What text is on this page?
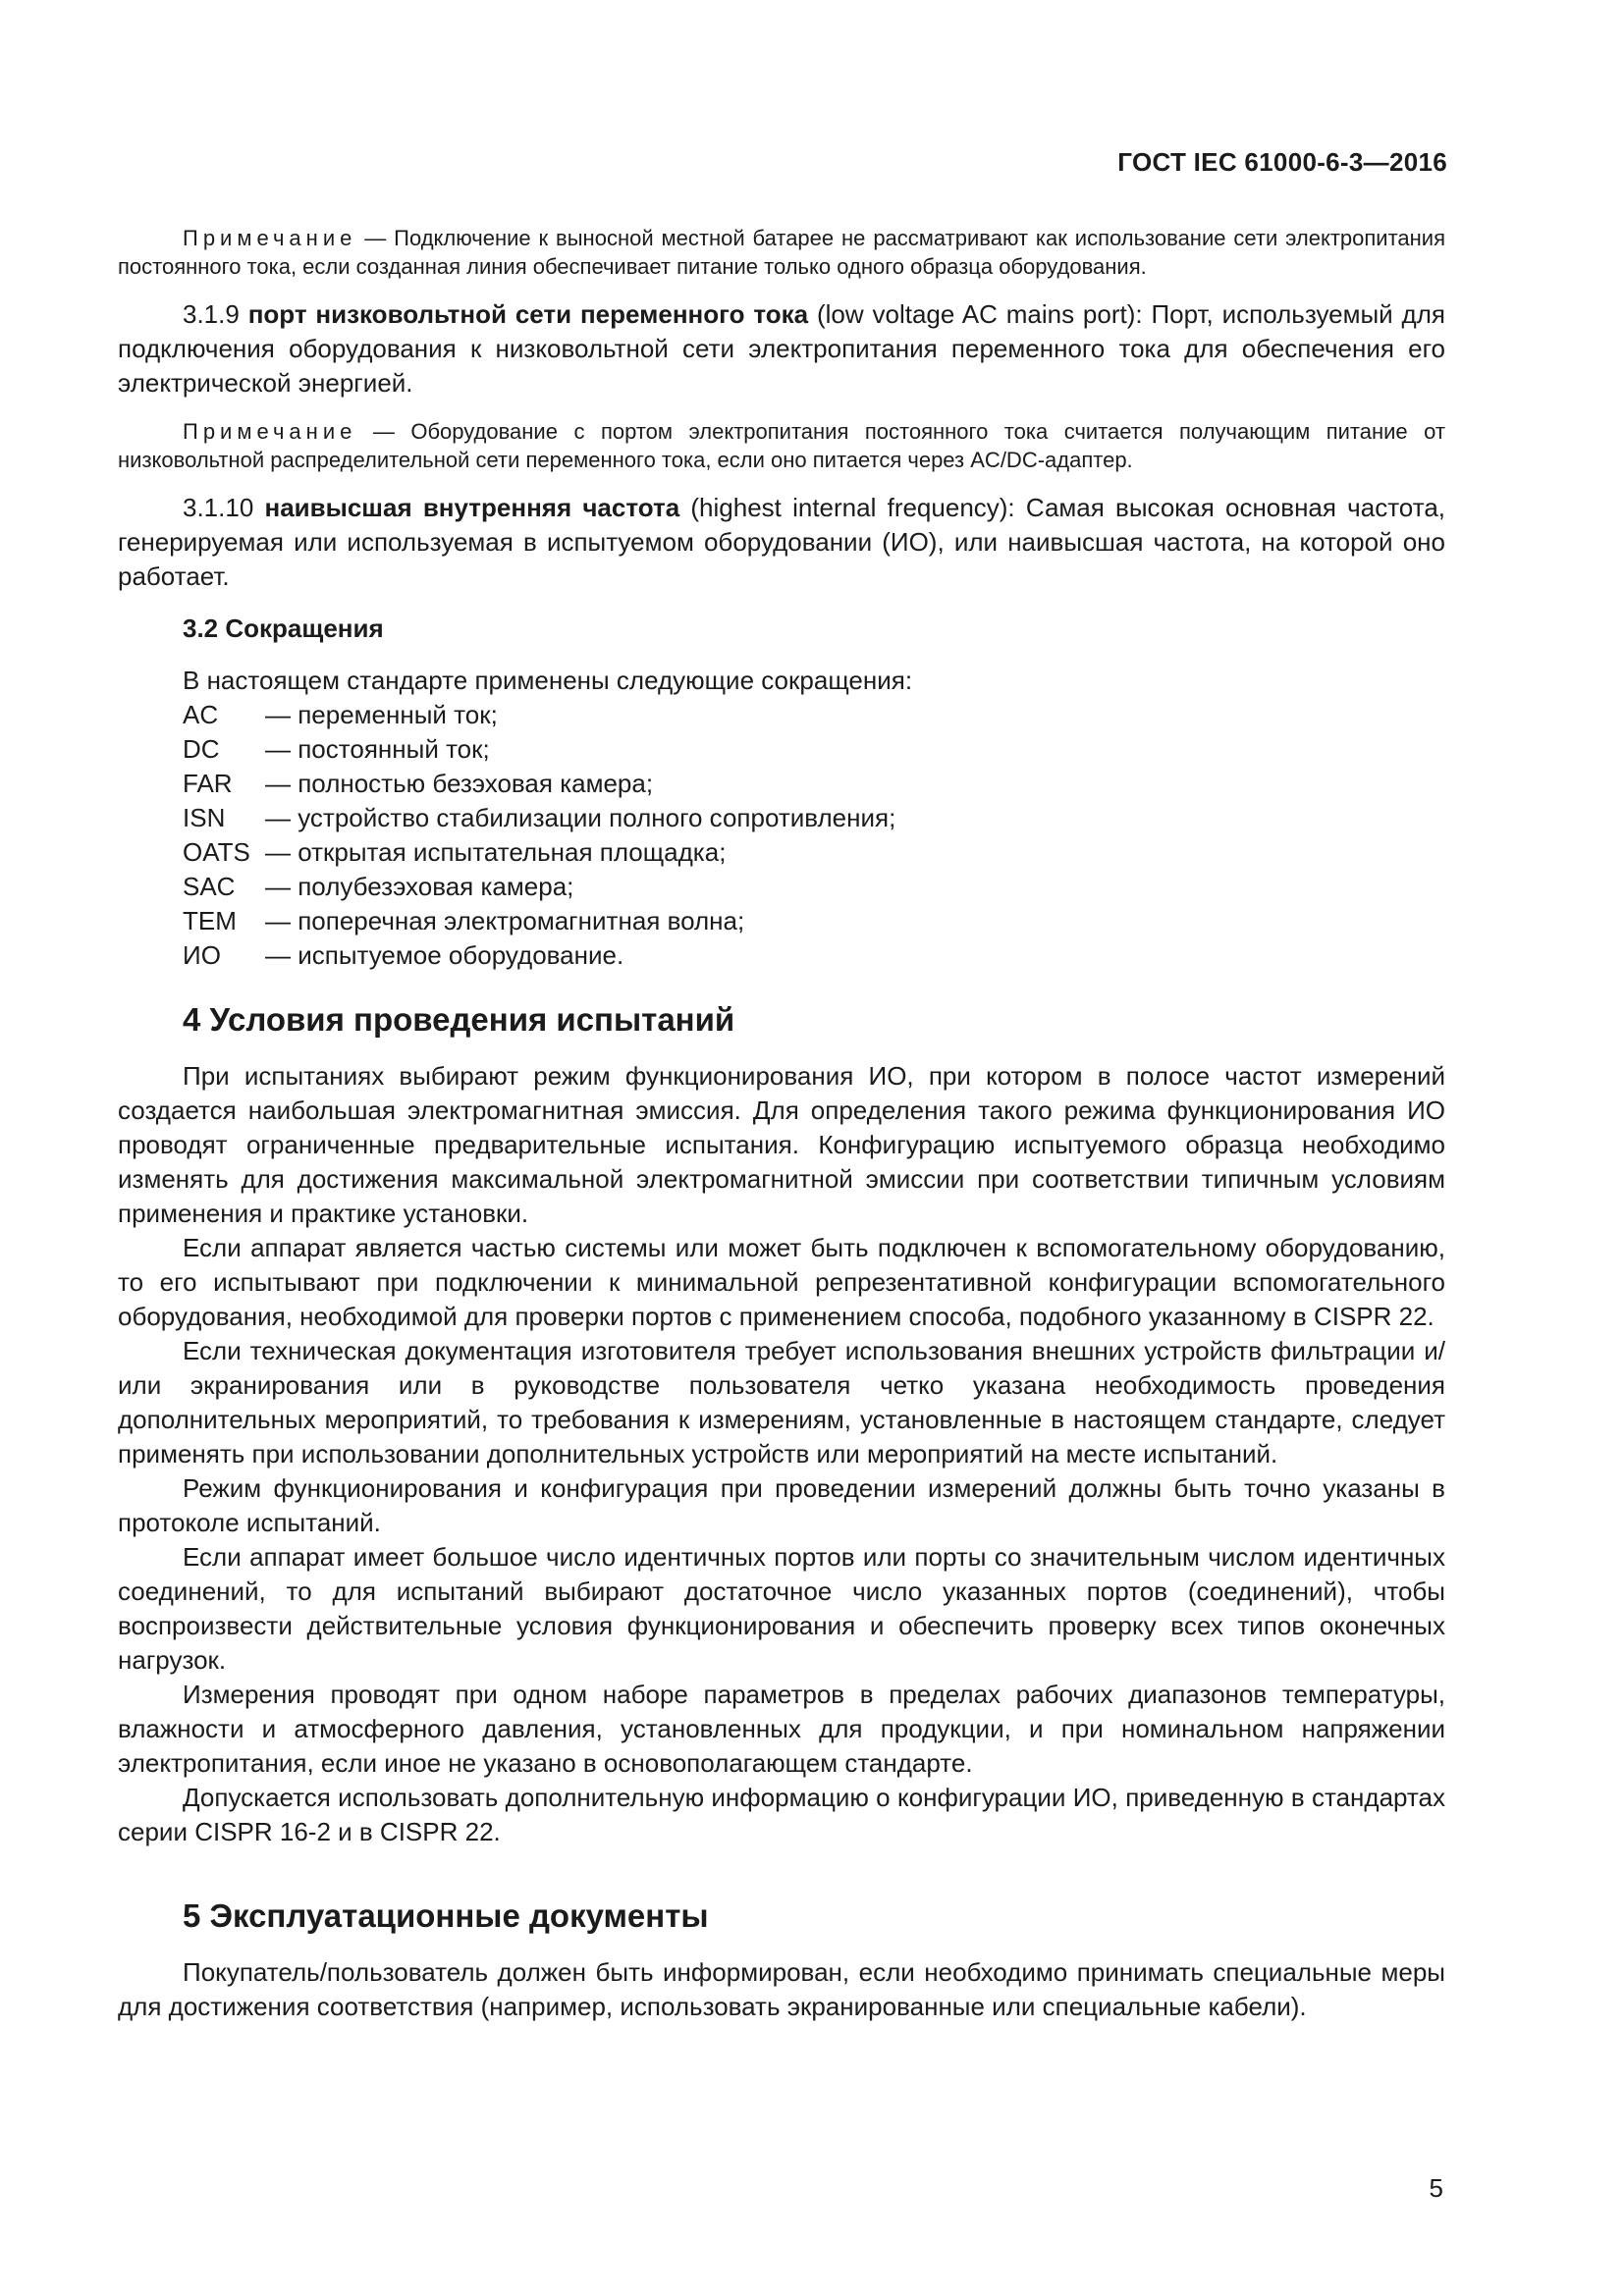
ГОСТ IEC 61000-6-3—2016
Примечание — Подключение к выносной местной батарее не рассматривают как использование сети электропитания постоянного тока, если созданная линия обеспечивает питание только одного образца оборудования.

3.1.9 порт низковольтной сети переменного тока (low voltage AC mains port): Порт, используемый для подключения оборудования к низковольтной сети электропитания переменного тока для обеспечения его электрической энергией.

Примечание — Оборудование с портом электропитания постоянного тока считается получающим питание от низковольтной распределительной сети переменного тока, если оно питается через AC/DC-адаптер.

3.1.10 наивысшая внутренняя частота (highest internal frequency): Самая высокая основная частота, генерируемая или используемая в испытуемом оборудовании (ИО), или наивысшая частота, на которой оно работает.

3.2 Сокращения
В настоящем стандарте применены следующие сокращения:
AC	— переменный ток;
DC	— постоянный ток;
FAR	— полностью безэховая камера;
ISN	— устройство стабилизации полного сопротивления;
OATS — открытая испытательная площадка;
SAC	— полубезэховая камера;
TEM	— поперечная электромагнитная волна;
ИО	— испытуемое оборудование.
4 Условия проведения испытаний

При испытаниях выбирают режим функционирования ИО, при котором в полосе частот измерений создается наибольшая электромагнитная эмиссия. Для определения такого режима функционирования ИО проводят ограниченные предварительные испытания. Конфигурацию испытуемого образца необходимо изменять для достижения максимальной электромагнитной эмиссии при соответствии типичным условиям применения и практике установки.

Если аппарат является частью системы или может быть подключен к вспомогательному оборудованию, то его испытывают при подключении к минимальной репрезентативной конфигурации вспомогательного оборудования, необходимой для проверки портов с применением способа, подобного указанному в CISPR 22.

Если техническая документация изготовителя требует использования внешних устройств фильтрации и/или экранирования или в руководстве пользователя четко указана необходимость проведения дополнительных мероприятий, то требования к измерениям, установленные в настоящем стандарте, следует применять при использовании дополнительных устройств или мероприятий на месте испытаний.

Режим функционирования и конфигурация при проведении измерений должны быть точно указаны в протоколе испытаний.

Если аппарат имеет большое число идентичных портов или порты со значительным числом идентичных соединений, то для испытаний выбирают достаточное число указанных портов (соединений), чтобы воспроизвести действительные условия функционирования и обеспечить проверку всех типов оконечных нагрузок.

Измерения проводят при одном наборе параметров в пределах рабочих диапазонов температуры, влажности и атмосферного давления, установленных для продукции, и при номинальном напряжении электропитания, если иное не указано в основополагающем стандарте.

Допускается использовать дополнительную информацию о конфигурации ИО, приведенную в стандартах серии CISPR 16-2 и в CISPR 22.

5 Эксплуатационные документы

Покупатель/пользователь должен быть информирован, если необходимо принимать специальные меры для достижения соответствия (например, использовать экранированные или специальные кабели).

5
